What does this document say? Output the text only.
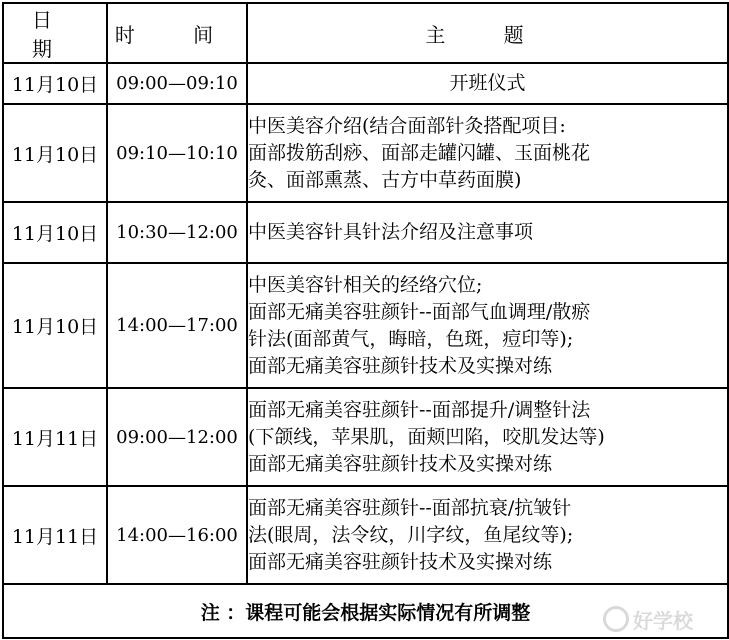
日 期	时 间	主 题
11月10日	09:00—09:10	开班仪式

11月10日	09:10—10:10	中医美容介绍(结合面部针灸搭配项目:
面部拨筋刮痧、面部走罐闪罐、玉面桃花
灸、面部熏蒸、古方中草药面膜)

11月10日	10:30—12:00	中医美容针具针法介绍及注意事项

11月10日	14:00—17:00	中医美容针相关的经络穴位;
面部无痛美容驻颜针--面部气血调理/散瘀
针法(面部黄气，晦暗，色斑，痘印等);
面部无痛美容驻颜针技术及实操对练

11月11日	09:00—12:00	面部无痛美容驻颜针--面部提升/调整针法
(下颌线，苹果肌，面颊凹陷，咬肌发达等)
面部无痛美容驻颜针技术及实操对练

11月11日	14:00—16:00	面部无痛美容驻颜针--面部抗衰/抗皱针
法(眼周，法令纹，川字纹，鱼尾纹等);
面部无痛美容驻颜针技术及实操对练

注 ：课程可能会根据实际情况有所调整			好学校
